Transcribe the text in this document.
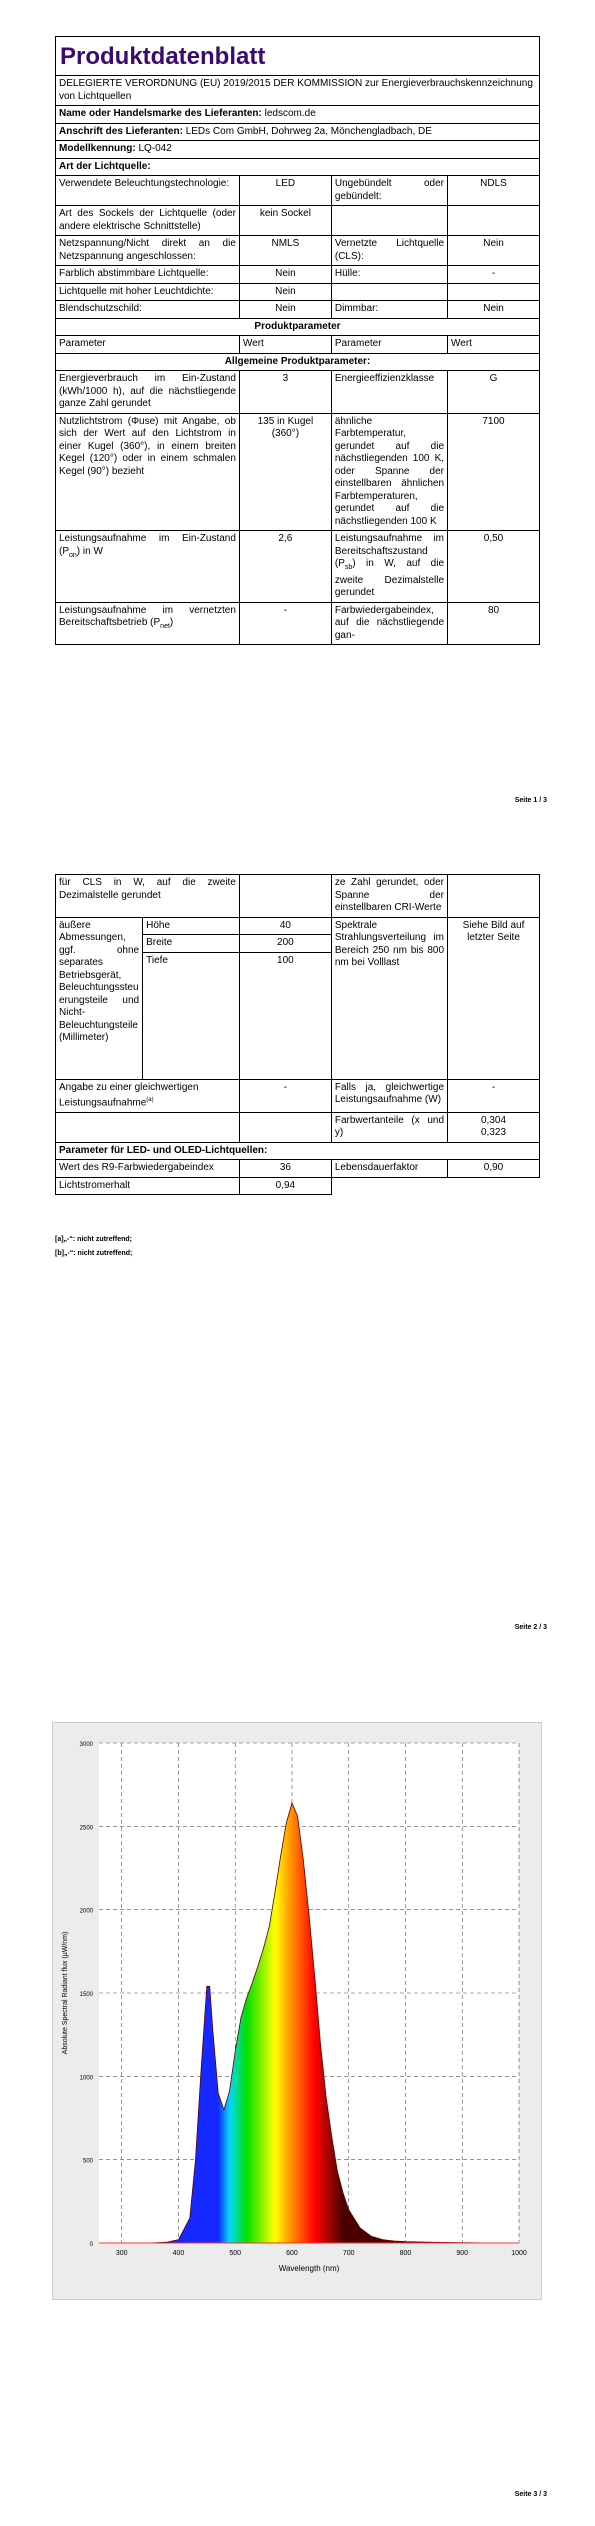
Produktdatenblatt			
DELEGIERTE VERORDNUNG (EU) 2019/2015 DER KOMMISSION zur Energieverbrauchskennzeichnung von Lichtquellen			
Name oder Handelsmarke des Lieferanten: ledscom.de			
Anschrift des Lieferanten: LEDs Com GmbH, Dohrweg 2a, Mönchengladbach, DE			
Modellkennung: LQ-042			
Art der Lichtquelle:			
Verwendete Beleuchtungstechnologie:	LED	Ungebündelt oder gebündelt:	NDLS
Art des Sockels der Lichtquelle (oder andere elektrische Schnittstelle)	kein Sockel		
Netzspannung/Nicht direkt an die Netzspannung angeschlossen:	NMLS	Vernetzte Lichtquelle (CLS):	Nein
Farblich abstimmbare Lichtquelle:	Nein	Hülle:	-
Lichtquelle mit hoher Leuchtdichte:	Nein		
Blendschutzschild:	Nein	Dimmbar:	Nein
Produktparameter			
Parameter	Wert	Parameter	Wert
Allgemeine Produktparameter:			
Energieverbrauch im Ein-Zustand (kWh/1000 h), auf die nächstliegende ganze Zahl gerundet	3	Energieeffizienzklasse	G
Nutzlichtstrom (Φuse) mit Angabe, ob sich der Wert auf den Lichtstrom in einer Kugel (360°), in einem breiten Kegel (120°) oder in einem schmalen Kegel (90°) bezieht	135 in Kugel (360°)	ähnliche Farbtemperatur, gerundet auf die nächstliegenden 100 K, oder Spanne der einstellbaren ähnlichen Farbtemperaturen, gerundet auf die nächstliegenden 100 K	7100
Leistungsaufnahme im Ein-Zustand $(P_{on})$ in W	2,6	Leistungsaufnahme im Bereitschaftszustand $(P_{sb})$ in W, auf die zweite Dezimalstelle gerundet	0,50
Leistungsaufnahme im vernetzten Bereitschaftsbetrieb $(P_{net})$	-	Farbwiedergabeindex, auf die nächstliegende gan-	80
Seite 1 / 3
für CLS in W, auf die zweite Dezimalstelle gerundet			ze Zahl gerundet, oder Spanne der einstellbaren CRI-Werte	
äußere Abmessungen, ggf. ohne separates Betriebsgerät, Beleuchtungssteuerungsteile und Nicht-Beleuchtungsteile (Millimeter)	Höhe	40	Spektrale Strahlungsverteilung im Bereich 250 nm bis 800 nm bei Volllast	Siehe Bild auf letzter Seite
	Breite	200		
	Tiefe	100		
Angabe zu einer gleichwertigen Leistungsaufnahme$^{(a)}$		-	Falls ja, gleichwertige Leistungsaufnahme (W)	-
			Farbwertanteile (x und y)	0,304
0,323

Parameter für LED- und OLED-Lichtquellen:				
Wert des R9-Farbwiedergabeindex		36	Lebensdauerfaktor	0,90
Lichtstromerhalt		0,94		
[a]„-“: nicht zutreffend;
[b]„-“: nicht zutreffend;
Seite 2 / 3
300	400	500	600	700	800	900	1000
0
500
1000
1500
2000
2500
3000
Wavelength (nm)
Absolute Spectral Radiant flux (µW/nm)
Seite 3 / 3
